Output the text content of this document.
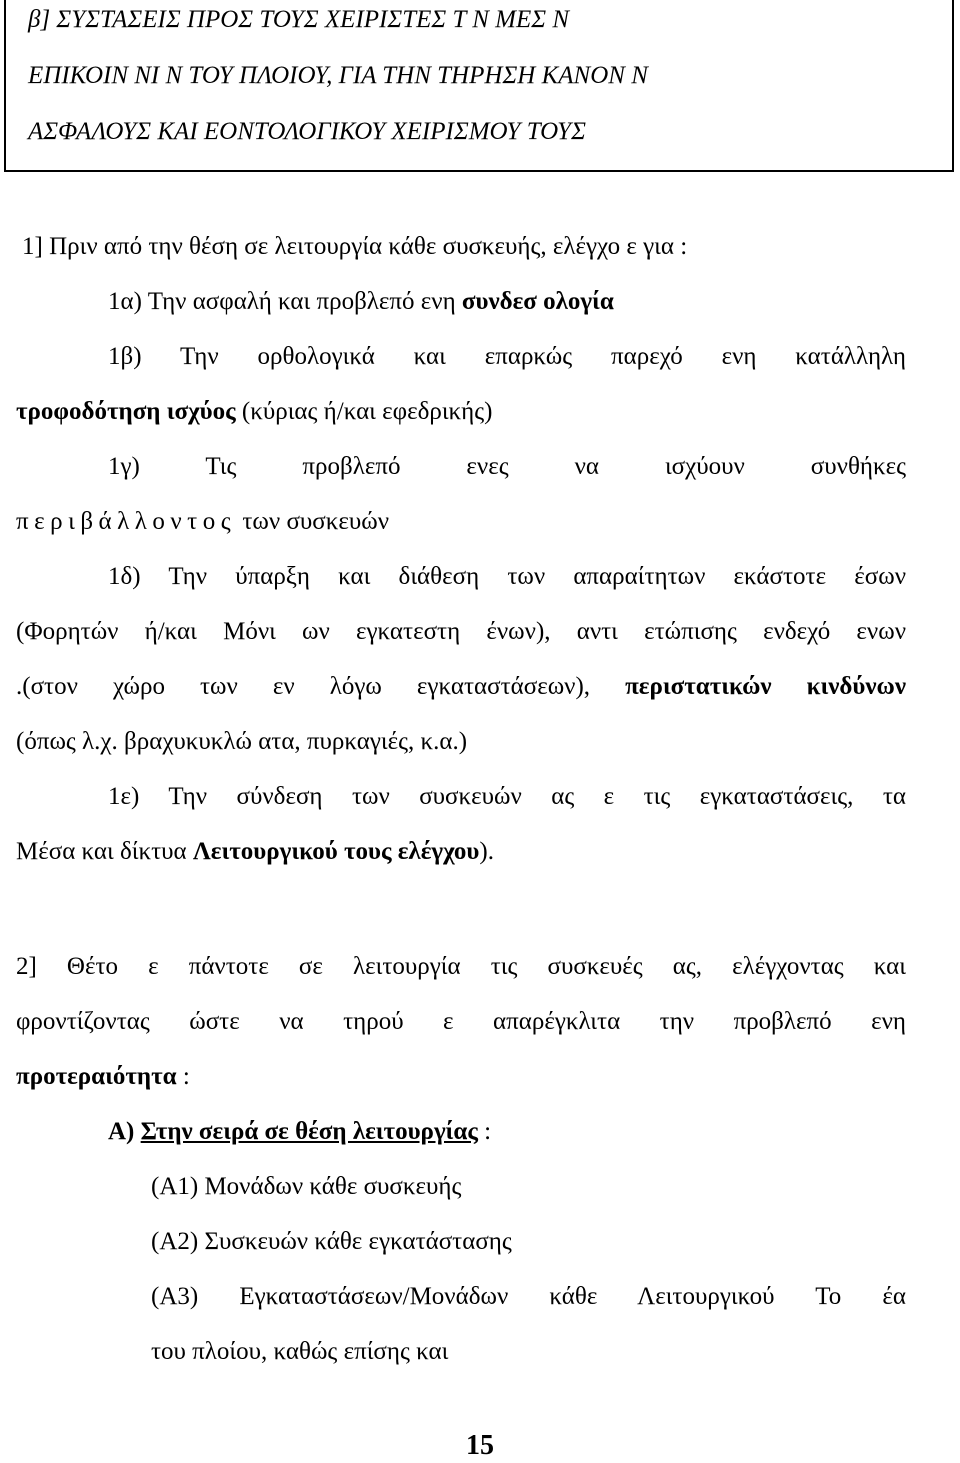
β] ΣΥΣΤΑΣΕΙΣ ΠΡΟΣ ΤΟΥΣ ΧΕΙΡΙΣΤΕΣ Τ Ν ΜΕΣ Ν
ΕΠΙΚΟΙΝ ΝΙ Ν ΤΟΥ ΠΛΟΙΟΥ, ΓΙΑ ΤΗΝ ΤΗΡΗΣΗ ΚΑΝΟΝ Ν
ΑΣΦΑΛΟΥΣ ΚΑΙ ΕΟΝΤΟΛΟΓΙΚΟΥ ΧΕΙΡΙΣΜΟΥ ΤΟΥΣ
1] Πριν από την θέση σε λειτουργία κάθε συσκευής, ελέγχο ε για :
1α) Την ασφαλή και προβλεπό ενη συνδεσ ολογία
1β) Την ορθολογικά και επαρκώς παρεχό ενη κατάλληλη
τροφοδότηση ισχύος (κύριας ή/και εφεδρικής)
1γ) Τις προβλεπό ενες να ισχύουν συνθήκες
περιβάλλοντος των συσκευών
1δ) Την ύπαρξη και διάθεση των απαραίτητων εκάστοτε έσων
(Φορητών ή/και Μόνι ων εγκατεστη ένων), αντι ετώπισης ενδεχό ενων
.(στον χώρο των εν λόγω εγκαταστάσεων), περιστατικών κινδύνων
(όπως λ.χ. βραχυκυκλώ ατα, πυρκαγιές, κ.α.)
1ε) Την σύνδεση των συσκευών ας ε τις εγκαταστάσεις, τα
Μέσα και δίκτυα Λειτουργικού τους ελέγχου).
2] Θέτο ε πάντοτε σε λειτουργία τις συσκευές ας, ελέγχοντας και
φροντίζοντας ώστε να τηρού ε απαρέγκλιτα την προβλεπό ενη
προτεραιότητα :
Α) Στην σειρά σε θέση λειτουργίας :
(Α1) Μονάδων κάθε συσκευής
(Α2) Συσκευών κάθε εγκατάστασης
(Α3) Εγκαταστάσεων/Μονάδων κάθε Λειτουργικού Το έα
του πλοίου, καθώς επίσης και
15
